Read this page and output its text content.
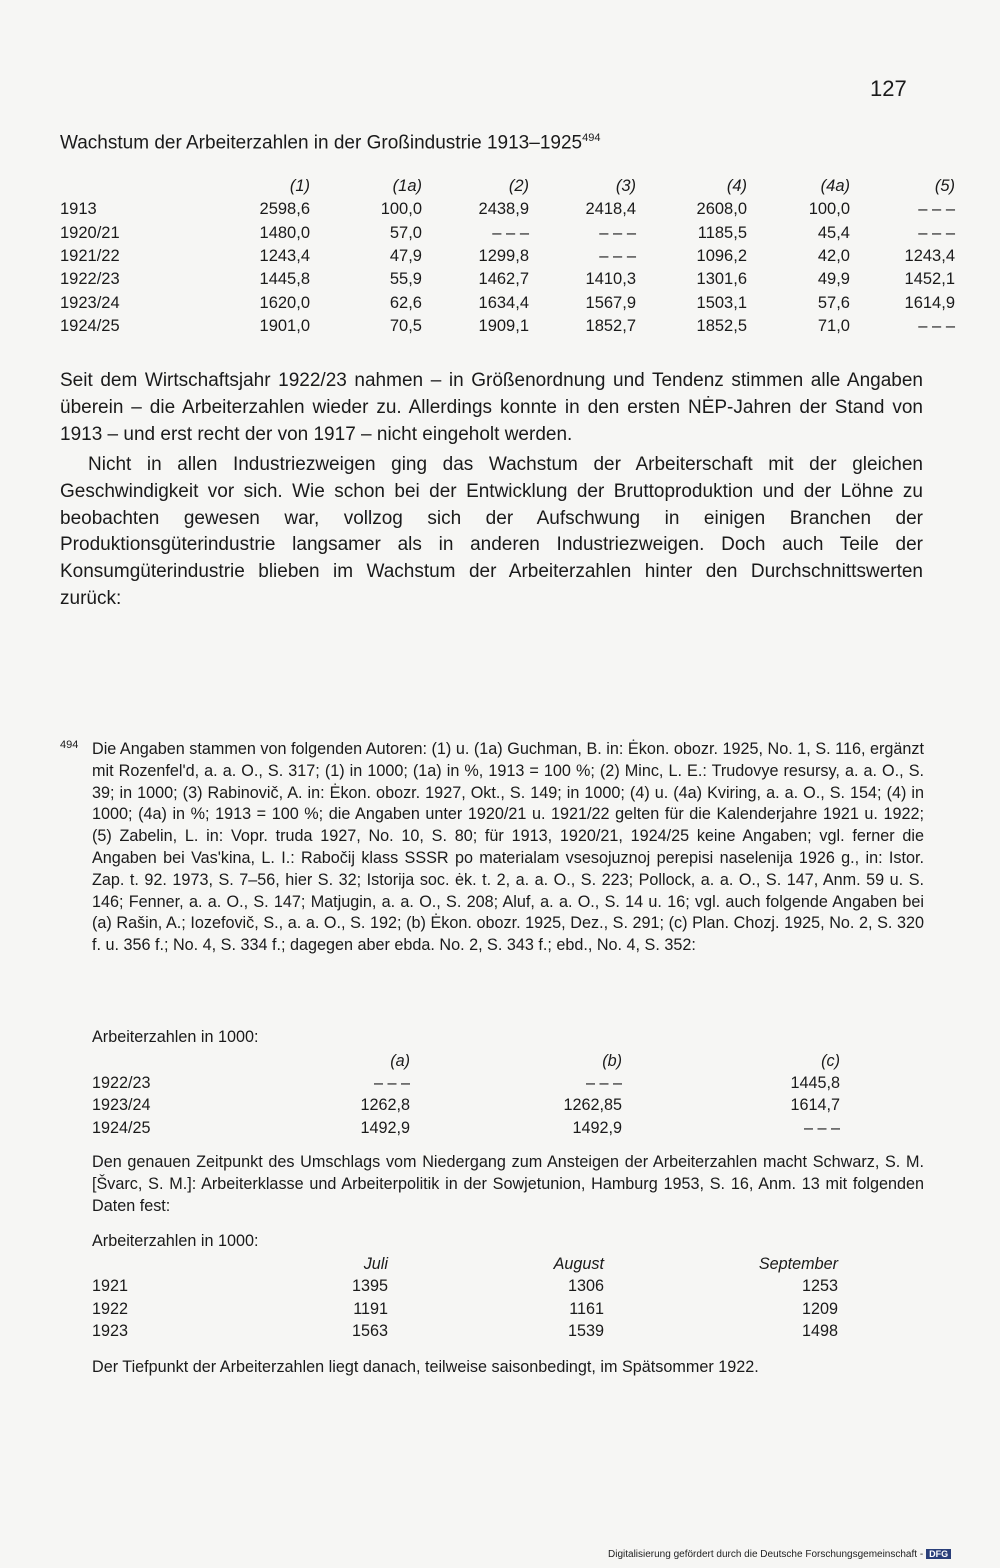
127
Wachstum der Arbeiterzahlen in der Großindustrie 1913–1925$^{494}$
	(1)	(1a)	(2)	(3)	(4)	(4a)	(5)
1913	2598,6	100,0	2438,9	2418,4	2608,0	100,0	– – –
1920/21	1480,0	57,0	– – –	– – –	1185,5	45,4	– – –
1921/22	1243,4	47,9	1299,8	– – –	1096,2	42,0	1243,4
1922/23	1445,8	55,9	1462,7	1410,3	1301,6	49,9	1452,1
1923/24	1620,0	62,6	1634,4	1567,9	1503,1	57,6	1614,9
1924/25	1901,0	70,5	1909,1	1852,7	1852,5	71,0	– – –

Seit dem Wirtschaftsjahr 1922/23 nahmen – in Größenordnung und Tendenz stimmen alle Angaben überein – die Arbeiterzahlen wieder zu. Allerdings konnte in den ersten NĖP-Jahren der Stand von 1913 – und erst recht der von 1917 – nicht eingeholt werden.

Nicht in allen Industriezweigen ging das Wachstum der Arbeiterschaft mit der gleichen Geschwindigkeit vor sich. Wie schon bei der Entwicklung der Bruttoproduktion und der Löhne zu beobachten gewesen war, vollzog sich der Aufschwung in einigen Branchen der Produktionsgüterindustrie langsamer als in anderen Industriezweigen. Doch auch Teile der Konsumgüterindustrie blieben im Wachstum der Arbeiterzahlen hinter den Durchschnittswerten zurück:

494 Die Angaben stammen von folgenden Autoren: (1) u. (1a) Guchman, B. in: Ėkon. obozr. 1925, No. 1, S. 116, ergänzt mit Rozenfel'd, a. a. O., S. 317; (1) in 1000; (1a) in %, 1913 = 100 %; (2) Minc, L. E.: Trudovye resursy, a. a. O., S. 39; in 1000; (3) Rabinovič, A. in: Ėkon. obozr. 1927, Okt., S. 149; in 1000; (4) u. (4a) Kviring, a. a. O., S. 154; (4) in 1000; (4a) in %; 1913 = 100 %; die Angaben unter 1920/21 u. 1921/22 gelten für die Kalenderjahre 1921 u. 1922; (5) Zabelin, L. in: Vopr. truda 1927, No. 10, S. 80; für 1913, 1920/21, 1924/25 keine Angaben; vgl. ferner die Angaben bei Vas'kina, L. I.: Rabočij klass SSSR po materialam vsesojuznoj perepisi naselenija 1926 g., in: Istor. Zap. t. 92. 1973, S. 7–56, hier S. 32; Istorija soc. ėk. t. 2, a. a. O., S. 223; Pollock, a. a. O., S. 147, Anm. 59 u. S. 146; Fenner, a. a. O., S. 147; Matjugin, a. a. O., S. 208; Aluf, a. a. O., S. 14 u. 16; vgl. auch folgende Angaben bei (a) Rašin, A.; Iozefovič, S., a. a. O., S. 192; (b) Ėkon. obozr. 1925, Dez., S. 291; (c) Plan. Chozj. 1925, No. 2, S. 320 f. u. 356 f.; No. 4, S. 334 f.; dagegen aber ebda. No. 2, S. 343 f.; ebd., No. 4, S. 352:

Arbeiterzahlen in 1000:
	(a)	(b)	(c)
1922/23	– – –	– – –	1445,8
1923/24	1262,8	1262,85	1614,7
1924/25	1492,9	1492,9	– – –

Den genauen Zeitpunkt des Umschlags vom Niedergang zum Ansteigen der Arbeiterzahlen macht Schwarz, S. M. [Švarc, S. M.]: Arbeiterklasse und Arbeiterpolitik in der Sowjetunion, Hamburg 1953, S. 16, Anm. 13 mit folgenden Daten fest:

Arbeiterzahlen in 1000:
	Juli	August	September
1921	1395	1306	1253
1922	1191	1161	1209
1923	1563	1539	1498

Der Tiefpunkt der Arbeiterzahlen liegt danach, teilweise saisonbedingt, im Spätsommer 1922.

Digitalisierung gefördert durch die Deutsche Forschungsgemeinschaft - DFG
